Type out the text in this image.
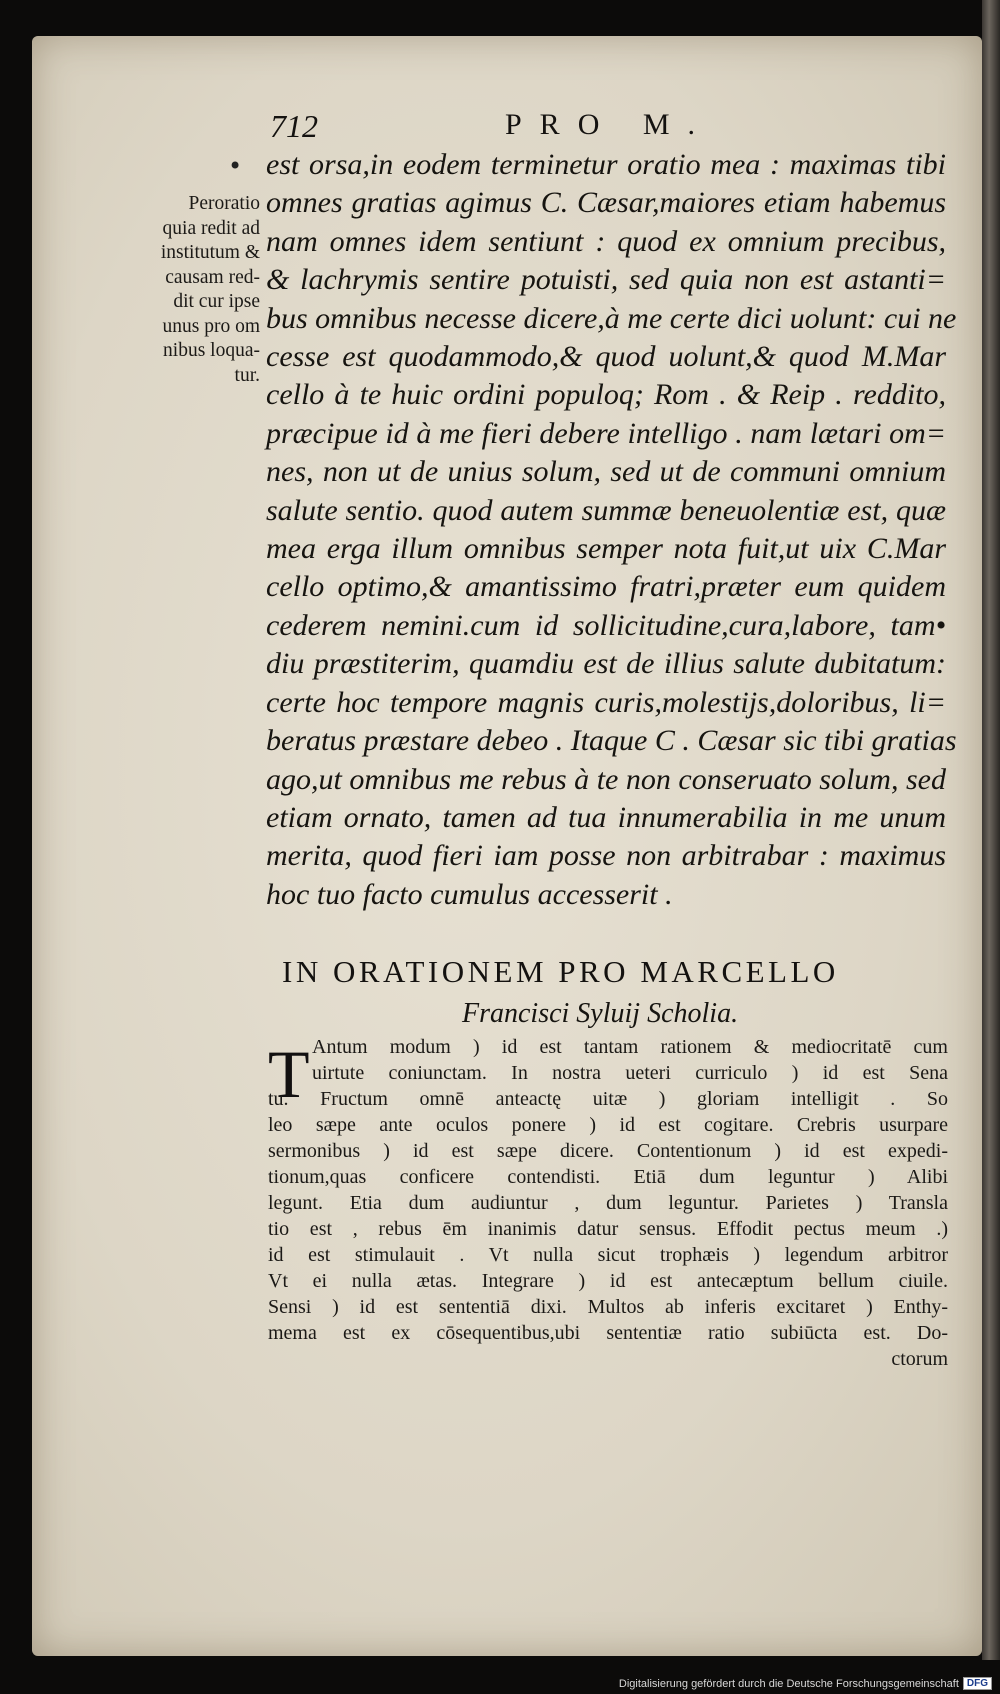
712	PRO M.
•
Peroratio
quia redit ad
institutum &
causam red-
dit cur ipse
unus pro om
nibus loqua-
tur.
est orsa,in eodem terminetur oratio mea : maximas tibi
omnes gratias agimus C. Cæsar,maiores etiam habemus
nam omnes idem sentiunt : quod ex omnium precibus,
& lachrymis sentire potuisti, sed quia non est astanti=
bus omnibus necesse dicere,à me certe dici uolunt: cui ne
cesse est quodammodo,& quod uolunt,& quod M.Mar
cello à te huic ordini populoq; Rom . & Reip . reddito,
præcipue id à me fieri debere intelligo . nam lætari om=
nes, non ut de unius solum, sed ut de communi omnium
salute sentio. quod autem summæ beneuolentiæ est, quæ
mea erga illum omnibus semper nota fuit,ut uix C.Mar
cello optimo,& amantissimo fratri,præter eum quidem
cederem nemini.cum id sollicitudine,cura,labore, tam•
diu præstiterim, quamdiu est de illius salute dubitatum:
certe hoc tempore magnis curis,molestijs,doloribus, li=
beratus præstare debeo . Itaque C . Cæsar sic tibi gratias
ago,ut omnibus me rebus à te non conseruato solum, sed
etiam ornato, tamen ad tua innumerabilia in me unum
merita, quod fieri iam posse non arbitrabar : maximus
hoc tuo facto cumulus accesserit .
IN ORATIONEM PRO MARCELLO
Francisci Syluij Scholia.
T Antum modum ) id est tantam rationem & mediocritatē cum
uirtute coniunctam. In nostra ueteri curriculo ) id est Sena
tu. Fructum omnē anteactę uitæ ) gloriam intelligit . So
leo sæpe ante oculos ponere ) id est cogitare. Crebris usurpare
sermonibus ) id est sæpe dicere. Contentionum ) id est expedi-
tionum,quas conficere contendisti. Etiā dum leguntur ) Alibi
legunt. Etia dum audiuntur , dum leguntur. Parietes ) Transla
tio est , rebus ēm inanimis datur sensus. Effodit pectus meum .)
id est stimulauit . Vt nulla sicut trophæis ) legendum arbitror
Vt ei nulla ætas. Integrare ) id est antecæptum bellum ciuile.
Sensi ) id est sententiā dixi. Multos ab inferis excitaret ) Enthy-
mema est ex cōsequentibus,ubi sententiæ ratio subiūcta est. Do-
ctorum
Digitalisierung gefördert durch die Deutsche Forschungsgemeinschaft DFG
